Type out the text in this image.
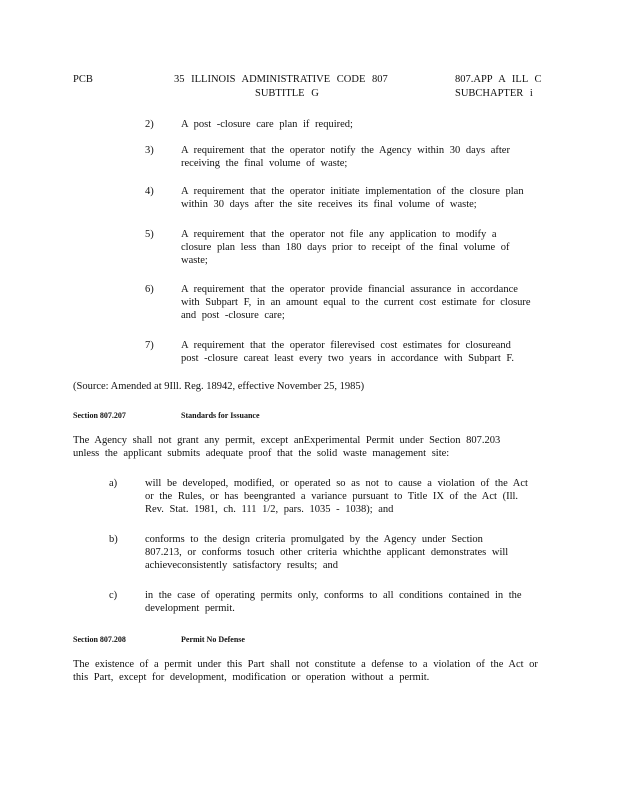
PCB	35 ILLINOIS ADMINISTRATIVE CODE 807
SUBTITLE G
807.APP A ILL C
SUBCHAPTER i
2)	A post -closure care plan if required;
3)	A requirement that the operator notify the Agency within 30 days after
receiving the final volume of waste;
4)	A requirement that the operator initiate implementation of the closure plan
within 30 days after the site receives its final volume of waste;
5)	A requirement that the operator not file any application to modify a
closure plan less than 180 days prior to receipt of the final volume of
waste;
6)	A requirement that the operator provide financial assurance in accordance
with Subpart F, in an amount equal to the current cost estimate for closure
and post -closure care;
7)	A requirement that the operator filerevised cost estimates for closureand
post -closure careat least every two years in accordance with Subpart F.
(Source: Amended at 9Ill. Reg. 18942, effective November 25, 1985)
Section 807.207	Standards for Issuance
The Agency shall not grant any permit, except anExperimental Permit under Section 807.203
unless the applicant submits adequate proof that the solid waste management site:
a)	will be developed, modified, or operated so as not to cause a violation of the Act
or the Rules, or has beengranted a variance pursuant to Title IX of the Act (Ill.
Rev. Stat. 1981, ch. 111 1/2, pars. 1035 - 1038); and
b)	conforms to the design criteria promulgated by the Agency under Section
807.213, or conforms tosuch other criteria whichthe applicant demonstrates will
achieveconsistently satisfactory results; and
c)	in the case of operating permits only, conforms to all conditions contained in the
development permit.
Section 807.208	Permit No Defense
The existence of a permit under this Part shall not constitute a defense to a violation of the Act or
this Part, except for development, modification or operation without a permit.
